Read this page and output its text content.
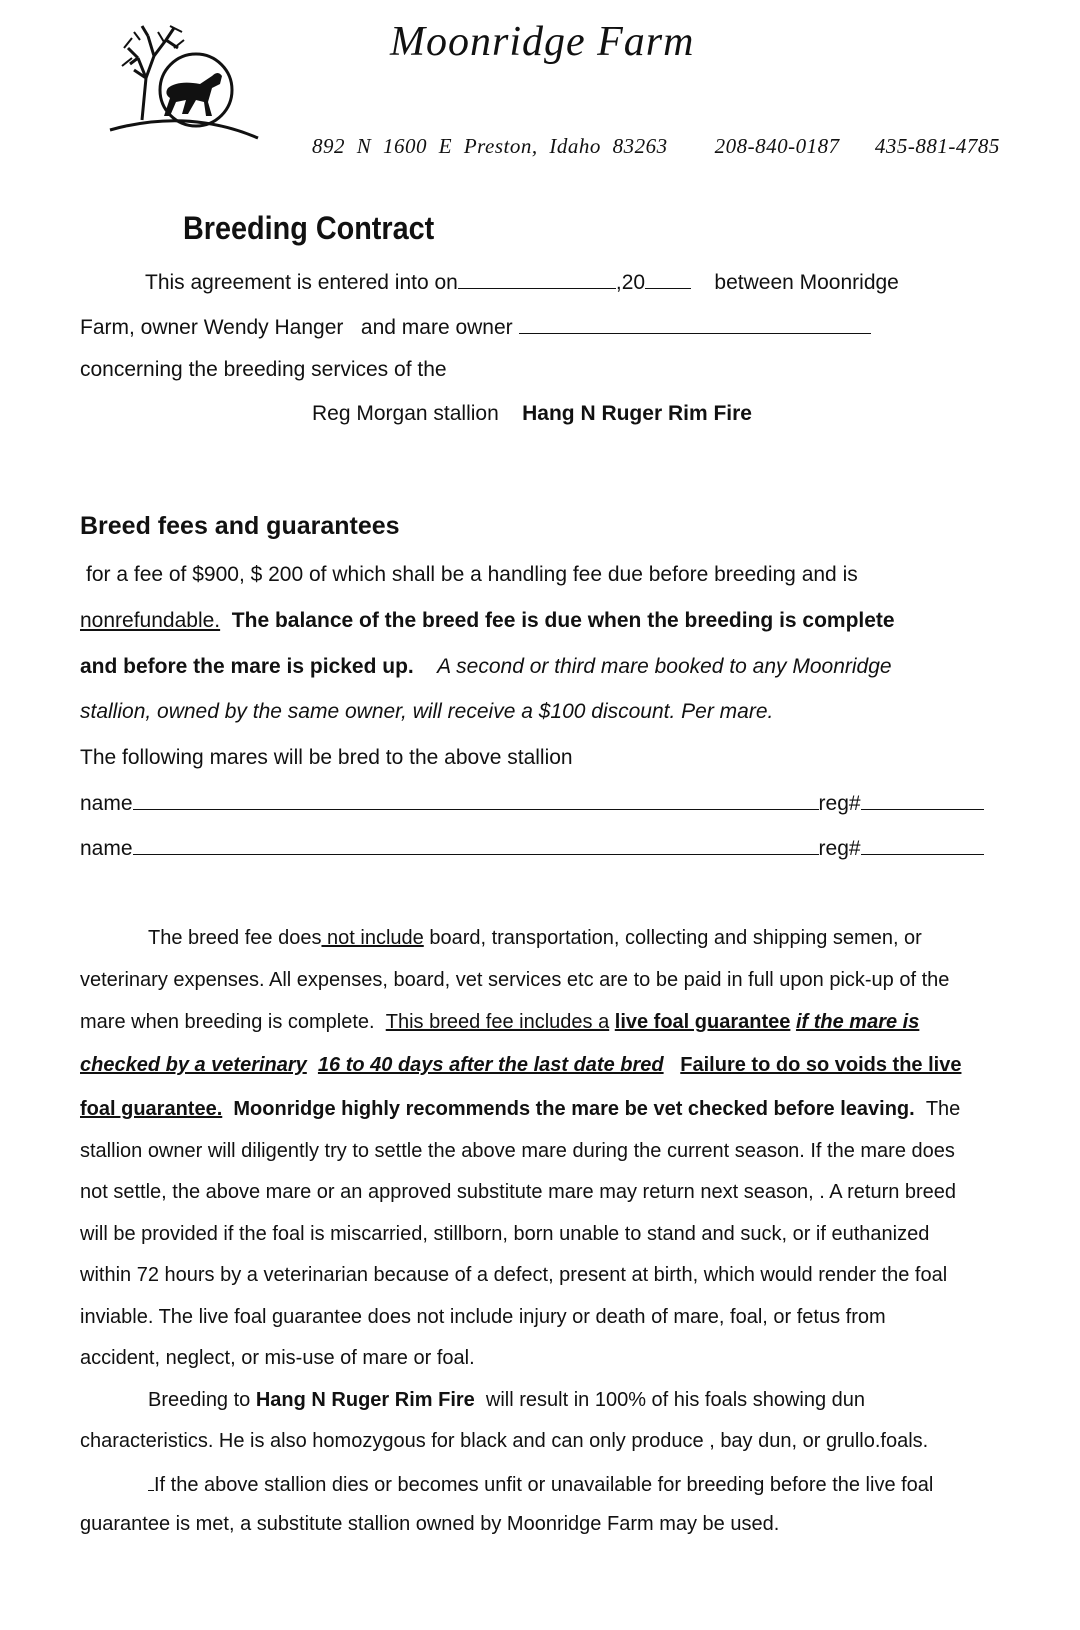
Moonridge Farm
892 N 1600 E Preston, Idaho 83263 208-840-0187 435-881-4785
Breeding Contract
This agreement is entered into on	,20	between Moonridge
Farm, owner Wendy Hanger and mare owner
concerning the breeding services of the
Reg Morgan stallion Hang N Ruger Rim Fire
Breed fees and guarantees
for a fee of $900, $ 200 of which shall be a handling fee due before breeding and is
nonrefundable. The balance of the breed fee is due when the breeding is complete
and before the mare is picked up. A second or third mare booked to any Moonridge
stallion, owned by the same owner, will receive a $100 discount. Per mare.
The following mares will be bred to the above stallion
name	reg#
name	reg#
The breed fee does not include board, transportation, collecting and shipping semen, or
veterinary expenses. All expenses, board, vet services etc are to be paid in full upon pick-up of the
mare when breeding is complete. This breed fee includes a live foal guarantee if the mare is
checked by a veterinary 16 to 40 days after the last date bred Failure to do so voids the live
foal guarantee. Moonridge highly recommends the mare be vet checked before leaving. The
stallion owner will diligently try to settle the above mare during the current season. If the mare does
not settle, the above mare or an approved substitute mare may return next season, . A return breed
will be provided if the foal is miscarried, stillborn, born unable to stand and suck, or if euthanized
within 72 hours by a veterinarian because of a defect, present at birth, which would render the foal
inviable. The live foal guarantee does not include injury or death of mare, foal, or fetus from
accident, neglect, or mis-use of mare or foal.
Breeding to Hang N Ruger Rim Fire will result in 100% of his foals showing dun
characteristics. He is also homozygous for black and can only produce , bay dun, or grullo.foals.
If the above stallion dies or becomes unfit or unavailable for breeding before the live foal
guarantee is met, a substitute stallion owned by Moonridge Farm may be used.
